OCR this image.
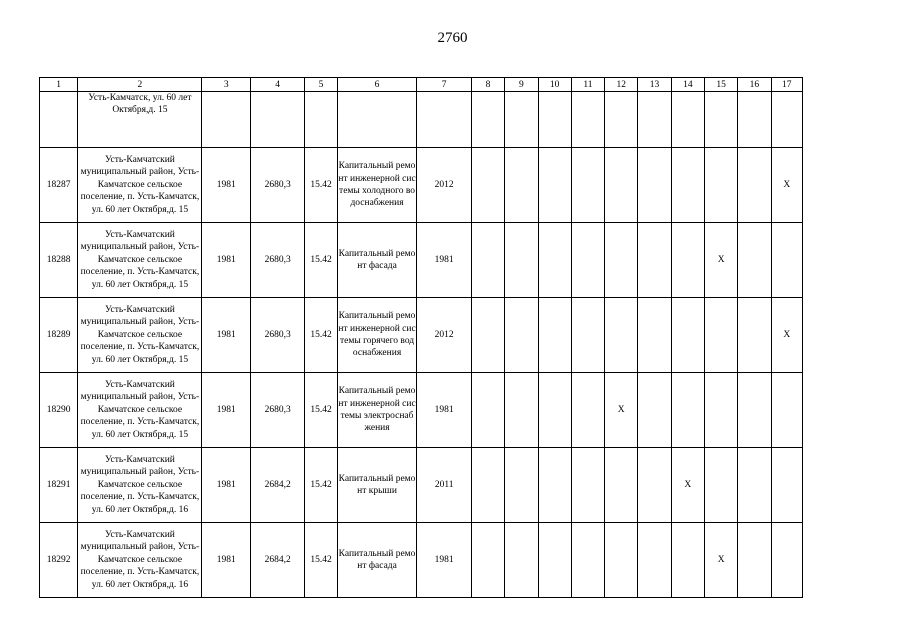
2760
1	2	3	4	5	6	7	8	9	10	11	12	13	14	15	16	17
	Усть-Камчатск, ул. 60 лет Октября,д. 15															
18287	Усть-Камчатский муниципальный район, Усть-Камчатское сельское поселение, п. Усть-Камчатск, ул. 60 лет Октября,д. 15	1981	2680,3	15.42	Капитальный ремонт инженерной системы холодного водоснабжения	2012										X
18288	Усть-Камчатский муниципальный район, Усть-Камчатское сельское поселение, п. Усть-Камчатск, ул. 60 лет Октября,д. 15	1981	2680,3	15.42	Капитальный ремонт фасада	1981								X		
18289	Усть-Камчатский муниципальный район, Усть-Камчатское сельское поселение, п. Усть-Камчатск, ул. 60 лет Октября,д. 15	1981	2680,3	15.42	Капитальный ремонт инженерной системы горячего водоснабжения	2012										X
18290	Усть-Камчатский муниципальный район, Усть-Камчатское сельское поселение, п. Усть-Камчатск, ул. 60 лет Октября,д. 15	1981	2680,3	15.42	Капитальный ремонт инженерной системы электроснабжения	1981					X					
18291	Усть-Камчатский муниципальный район, Усть-Камчатское сельское поселение, п. Усть-Камчатск, ул. 60 лет Октября,д. 16	1981	2684,2	15.42	Капитальный ремонт крыши	2011							X			
18292	Усть-Камчатский муниципальный район, Усть-Камчатское сельское поселение, п. Усть-Камчатск, ул. 60 лет Октября,д. 16	1981	2684,2	15.42	Капитальный ремонт фасада	1981								X		
